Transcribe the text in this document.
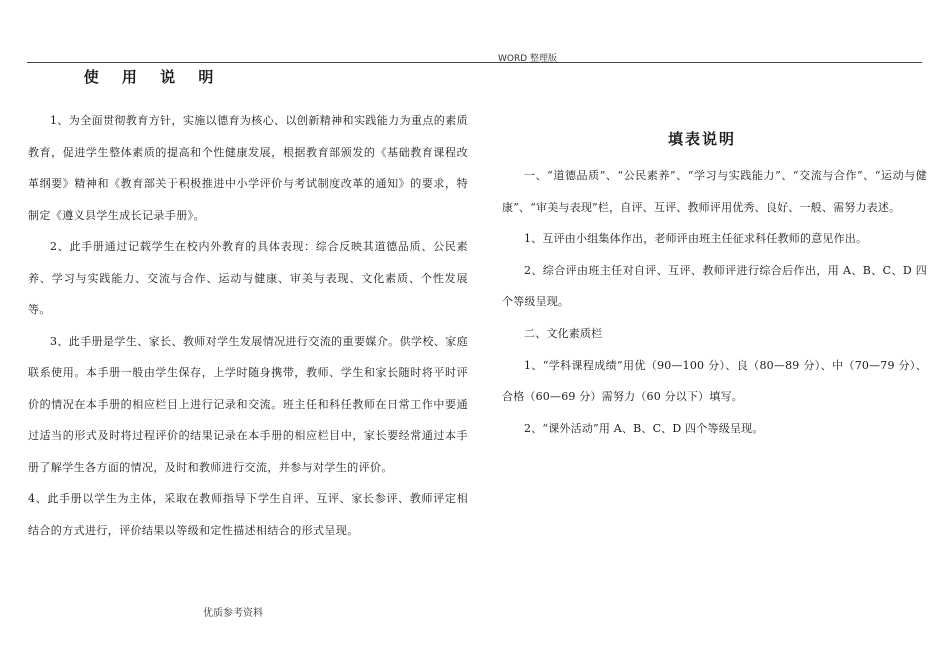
WORD 整理版
使 用 说 明

1、为全面贯彻教育方针，实施以德育为核心、以创新精神和实践能力为重点的素质教育，促进学生整体素质的提高和个性健康发展，根据教育部颁发的《基础教育课程改革纲要》精神和《教育部关于积极推进中小学评价与考试制度改革的通知》的要求，特制定《遵义县学生成长记录手册》。

2、此手册通过记载学生在校内外教育的具体表现：综合反映其道德品质、公民素养、学习与实践能力、交流与合作、运动与健康、审美与表现、文化素质、个性发展等。

3、此手册是学生、家长、教师对学生发展情况进行交流的重要媒介。供学校、家庭联系使用。本手册一般由学生保存，上学时随身携带，教师、学生和家长随时将平时评价的情况在本手册的相应栏目上进行记录和交流。班主任和科任教师在日常工作中要通过适当的形式及时将过程评价的结果记录在本手册的相应栏目中，家长要经常通过本手册了解学生各方面的情况，及时和教师进行交流，并参与对学生的评价。

4、此手册以学生为主体，采取在教师指导下学生自评、互评、家长参评、教师评定相结合的方式进行，评价结果以等级和定性描述相结合的形式呈现。

填表说明

一、“道德品质”、“公民素养”、“学习与实践能力”、“交流与合作”、“运动与健康”、“审美与表现”栏，自评、互评、教师评用优秀、良好、一般、需努力表述。

1、互评由小组集体作出，老师评由班主任征求科任教师的意见作出。

2、综合评由班主任对自评、互评、教师评进行综合后作出，用 A、B、C、D 四个等级呈现。

二、文化素质栏

1、“学科课程成绩”用优（90—100 分）、良（80—89 分）、中（70—79 分）、合格（60—69 分）需努力（60 分以下）填写。

2、“课外活动”用 A、B、C、D 四个等级呈现。

优质参考资料
